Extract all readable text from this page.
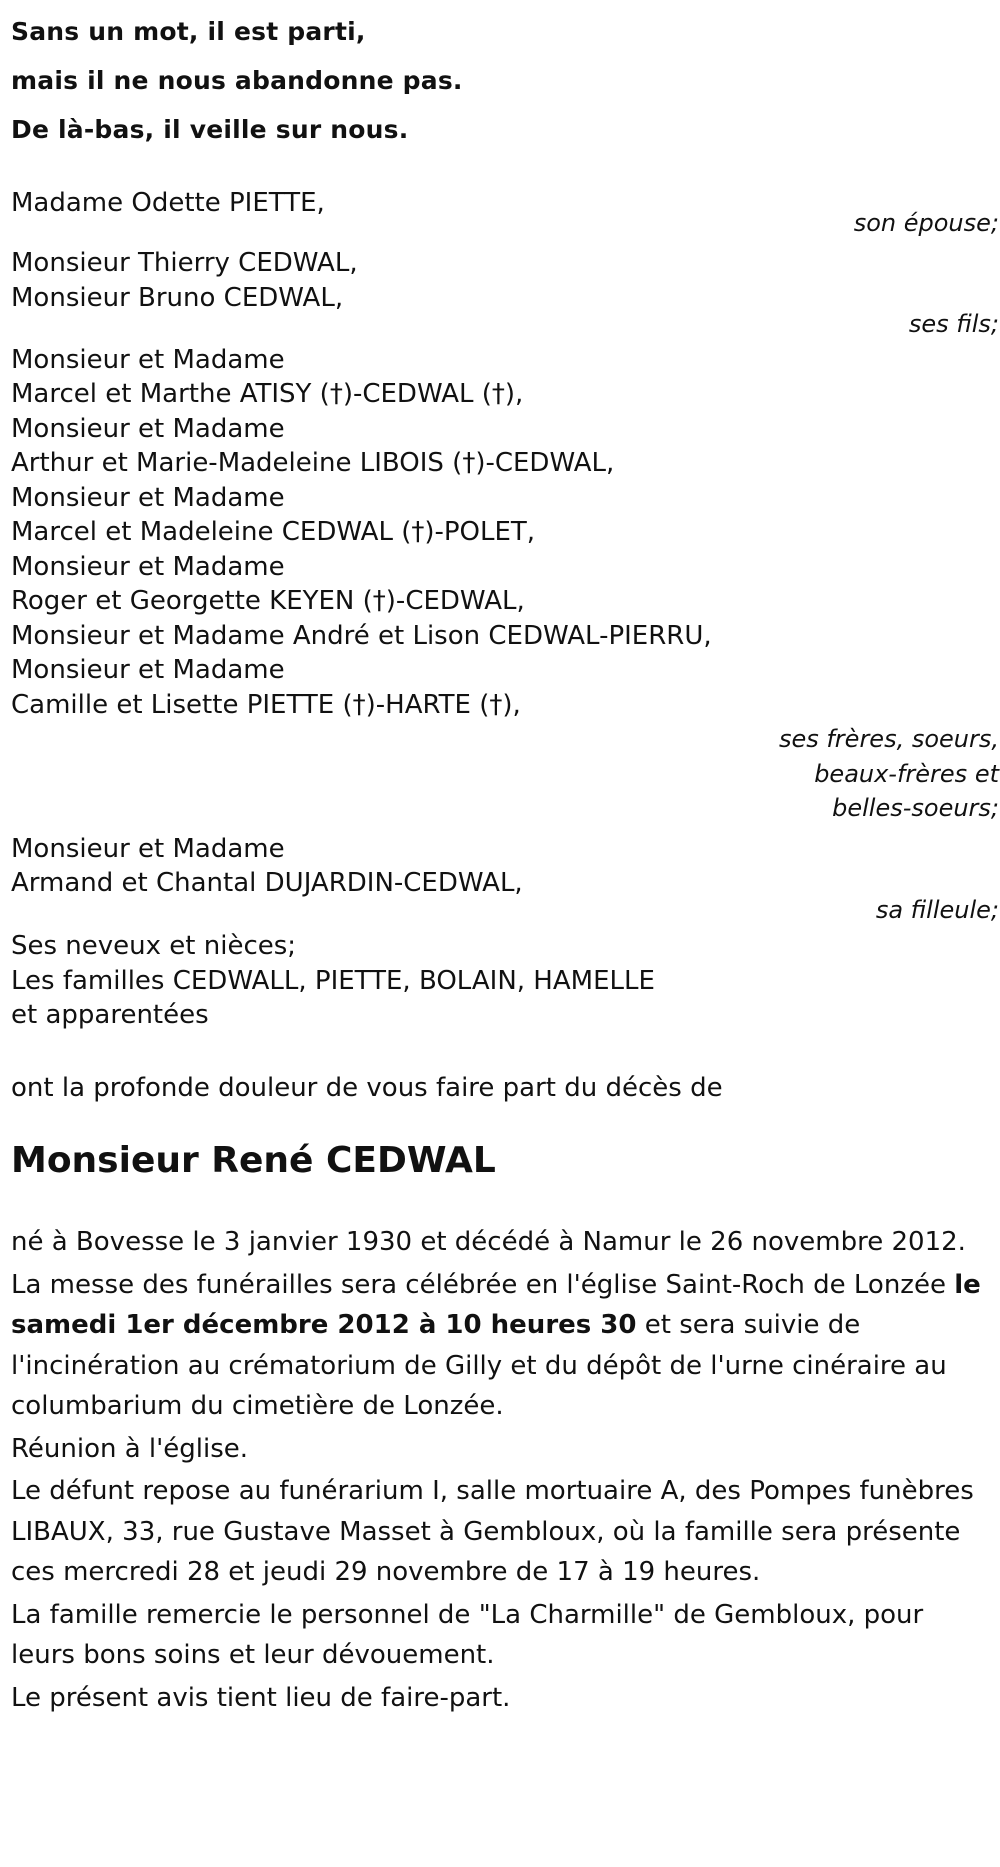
Sans un mot, il est parti,
mais il ne nous abandonne pas.
De là-bas, il veille sur nous.
Madame Odette PIETTE,
son épouse;
Monsieur Thierry CEDWAL,
Monsieur Bruno CEDWAL,
ses fils;
Monsieur et Madame
Marcel et Marthe ATISY (†)-CEDWAL (†),
Monsieur et Madame
Arthur et Marie-Madeleine LIBOIS (†)-CEDWAL,
Monsieur et Madame
Marcel et Madeleine CEDWAL (†)-POLET,
Monsieur et Madame
Roger et Georgette KEYEN (†)-CEDWAL,
Monsieur et Madame André et Lison CEDWAL-PIERRU,
Monsieur et Madame
Camille et Lisette PIETTE (†)-HARTE (†),
ses frères, soeurs,
beaux-frères et
belles-soeurs;
Monsieur et Madame
Armand et Chantal DUJARDIN-CEDWAL,
sa filleule;
Ses neveux et nièces;
Les familles CEDWALL, PIETTE, BOLAIN, HAMELLE
et apparentées
ont la profonde douleur de vous faire part du décès de
Monsieur René CEDWAL

né à Bovesse le 3 janvier 1930 et décédé à Namur le 26 novembre 2012.

La messe des funérailles sera célébrée en l'église Saint-Roch de Lonzée le samedi 1er décembre 2012 à 10 heures 30 et sera suivie de l'incinération au crématorium de Gilly et du dépôt de l'urne cinéraire au columbarium du cimetière de Lonzée.

Réunion à l'église.

Le défunt repose au funérarium I, salle mortuaire A, des Pompes funèbres LIBAUX, 33, rue Gustave Masset à Gembloux, où la famille sera présente ces mercredi 28 et jeudi 29 novembre de 17 à 19 heures.

La famille remercie le personnel de "La Charmille" de Gembloux, pour leurs bons soins et leur dévouement.

Le présent avis tient lieu de faire-part.
